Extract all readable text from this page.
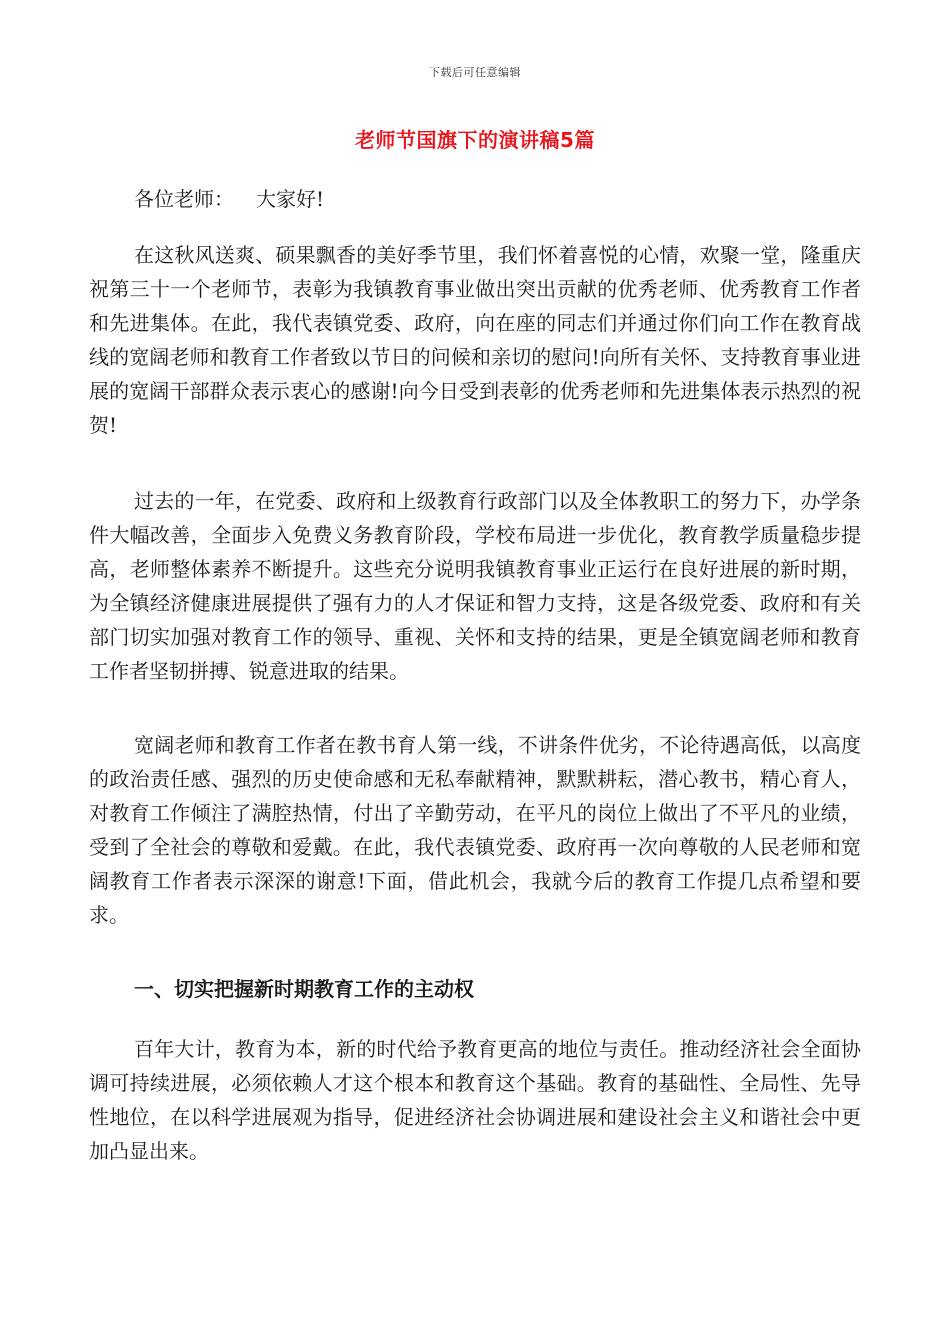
下载后可任意编辑
老师节国旗下的演讲稿5篇
各位老师： 大家好!

在这秋风送爽、硕果飘香的美好季节里，我们怀着喜悦的心情，欢聚一堂，隆重庆祝第三十一个老师节，表彰为我镇教育事业做出突出贡献的优秀老师、优秀教育工作者和先进集体。在此，我代表镇党委、政府，向在座的同志们并通过你们向工作在教育战线的宽阔老师和教育工作者致以节日的问候和亲切的慰问!向所有关怀、支持教育事业进展的宽阔干部群众表示衷心的感谢!向今日受到表彰的优秀老师和先进集体表示热烈的祝贺!

过去的一年，在党委、政府和上级教育行政部门以及全体教职工的努力下，办学条件大幅改善，全面步入免费义务教育阶段，学校布局进一步优化，教育教学质量稳步提高，老师整体素养不断提升。这些充分说明我镇教育事业正运行在良好进展的新时期，为全镇经济健康进展提供了强有力的人才保证和智力支持，这是各级党委、政府和有关部门切实加强对教育工作的领导、重视、关怀和支持的结果，更是全镇宽阔老师和教育工作者坚韧拼搏、锐意进取的结果。

宽阔老师和教育工作者在教书育人第一线，不讲条件优劣，不论待遇高低，以高度的政治责任感、强烈的历史使命感和无私奉献精神，默默耕耘，潜心教书，精心育人，对教育工作倾注了满腔热情，付出了辛勤劳动，在平凡的岗位上做出了不平凡的业绩，受到了全社会的尊敬和爱戴。在此，我代表镇党委、政府再一次向尊敬的人民老师和宽阔教育工作者表示深深的谢意!下面，借此机会，我就今后的教育工作提几点希望和要求。

一、切实把握新时期教育工作的主动权

百年大计，教育为本，新的时代给予教育更高的地位与责任。推动经济社会全面协调可持续进展，必须依赖人才这个根本和教育这个基础。教育的基础性、全局性、先导性地位，在以科学进展观为指导，促进经济社会协调进展和建设社会主义和谐社会中更加凸显出来。
